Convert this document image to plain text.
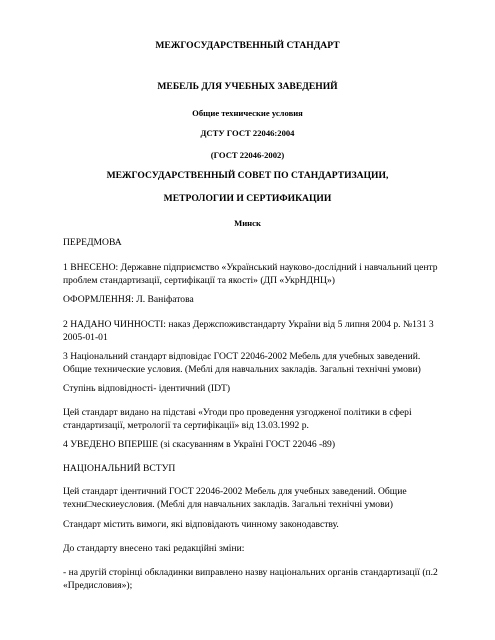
МЕЖГОСУДАРСТВЕННЫЙ СТАНДАРТ
МЕБЕЛЬ ДЛЯ УЧЕБНЫХ ЗАВЕДЕНИЙ
Общие технические условия
ДСТУ ГОСТ 22046:2004
(ГОСТ 22046-2002)
МЕЖГОСУДАРСТВЕННЫЙ СОВЕТ ПО СТАНДАРТИЗАЦИИ,
МЕТРОЛОГИИ И СЕРТИФИКАЦИИ
Минск
ПЕРЕДМОВА
1 ВНЕСЕНО: Державне підприємство «Український науково-дослідний і навчальний центр
проблем стандартизації, сертифікації та якості» (ДП «УкрНДНЦ»)
ОФОРМЛЕННЯ: Л. Ваніфатова
2 НАДАНО ЧИННОСТІ: наказ Держспоживстандарту України від 5 липня 2004 р. №131 3
2005-01-01
3 Національний стандарт відповідає ГОСТ 22046-2002 Мебель для учебных заведений.
Общие технические условия. (Меблі для навчальних закладів. Загальні технічні умови)
Ступінь відповідності- ідентичний (IDT)
Цей стандарт видано на підставі «Угоди про проведення узгодженої політики в сфері
стандартизації, метрології та сертифікації» від 13.03.1992 р.
4 УВЕДЕНО ВПЕРШЕ (зі скасуванням в Україні ГОСТ 22046 -89)
НАЦІОНАЛЬНИЙ ВСТУП
Цей стандарт ідентичний ГОСТ 22046-2002 Мебель для учебных заведений. Общие
техни□ческиеусловия. (Меблі для навчальних закладів. Загальні технічні умови)
Стандарт містить вимоги, які відповідають чинному законодавству.
До стандарту внесено такі редакційні зміни:
- на другій сторінці обкладинки виправлено назву національних органів стандартизації (п.2
«Предисловия»);
